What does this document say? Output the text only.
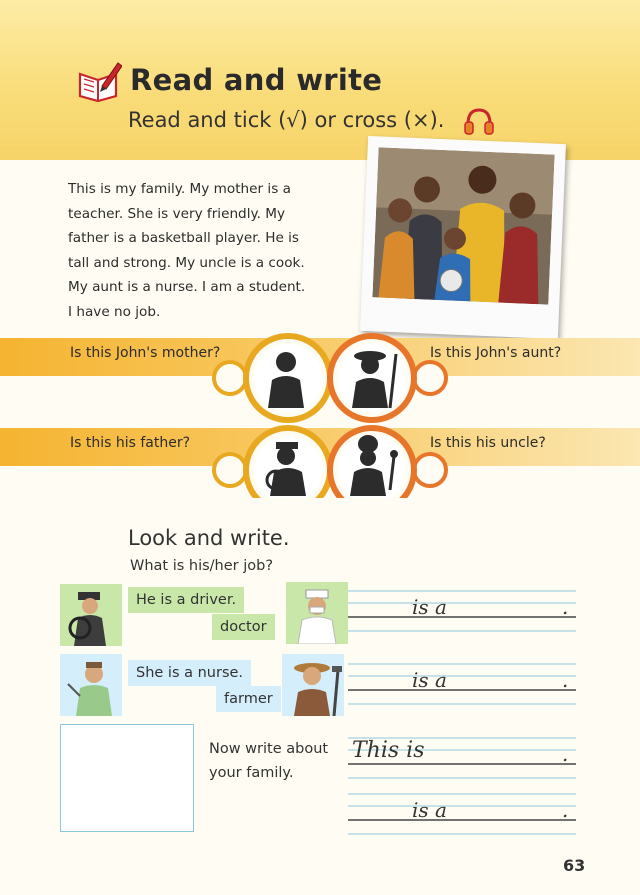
Read and write
Read and tick (√) or cross (×).
This is my family. My mother is a
teacher. She is very friendly. My
father is a basketball player. He is
tall and strong. My uncle is a cook.
My aunt is a nurse. I am a student.
I have no job.
Is this John's mother?	Is this John's aunt?
Is this his father?	Is this his uncle?
Look and write.
What is his/her job?
He is a driver.
doctor
is a	.
She is a nurse.
farmer
is a	.
Now write about
your family.
This is	.
is a	.
63
